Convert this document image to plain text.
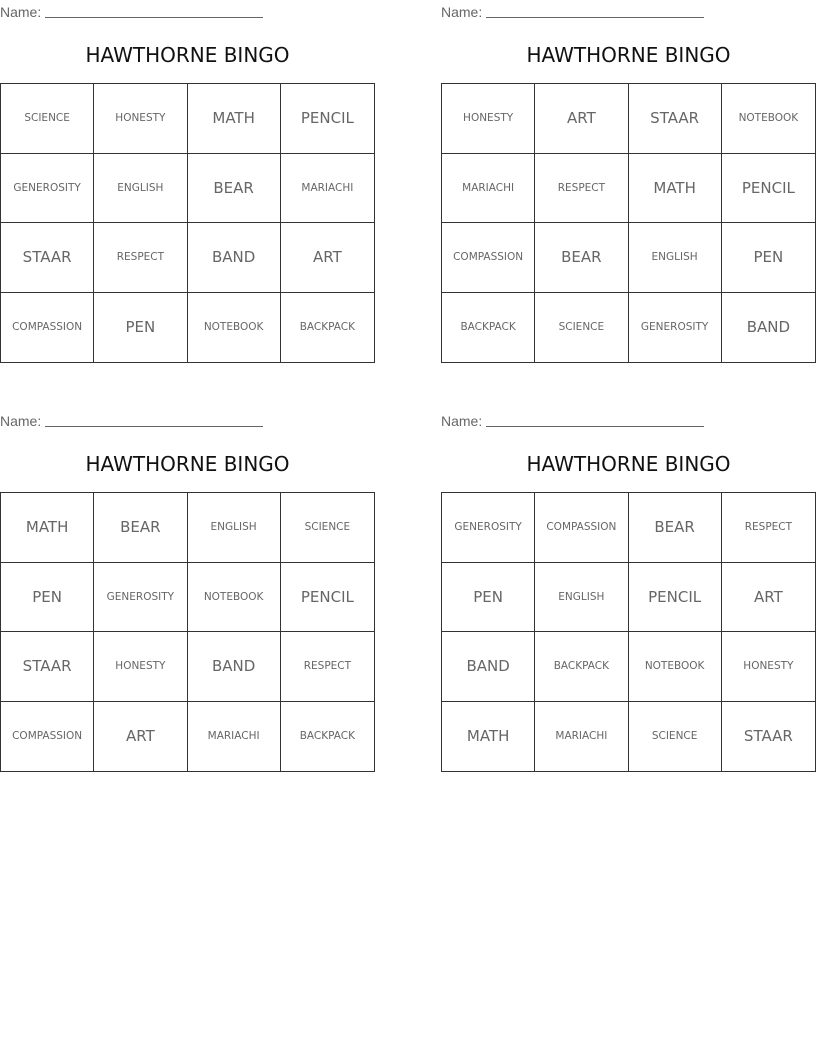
Name:
HAWTHORNE BINGO
SCIENCE	HONESTY	MATH	PENCIL
GENEROSITY	ENGLISH	BEAR	MARIACHI
STAAR	RESPECT	BAND	ART
COMPASSION	PEN	NOTEBOOK	BACKPACK
Name:
HAWTHORNE BINGO
HONESTY	ART	STAAR	NOTEBOOK
MARIACHI	RESPECT	MATH	PENCIL
COMPASSION	BEAR	ENGLISH	PEN
BACKPACK	SCIENCE	GENEROSITY	BAND
Name:
HAWTHORNE BINGO
MATH	BEAR	ENGLISH	SCIENCE
PEN	GENEROSITY	NOTEBOOK	PENCIL
STAAR	HONESTY	BAND	RESPECT
COMPASSION	ART	MARIACHI	BACKPACK
Name:
HAWTHORNE BINGO
GENEROSITY	COMPASSION	BEAR	RESPECT
PEN	ENGLISH	PENCIL	ART
BAND	BACKPACK	NOTEBOOK	HONESTY
MATH	MARIACHI	SCIENCE	STAAR
